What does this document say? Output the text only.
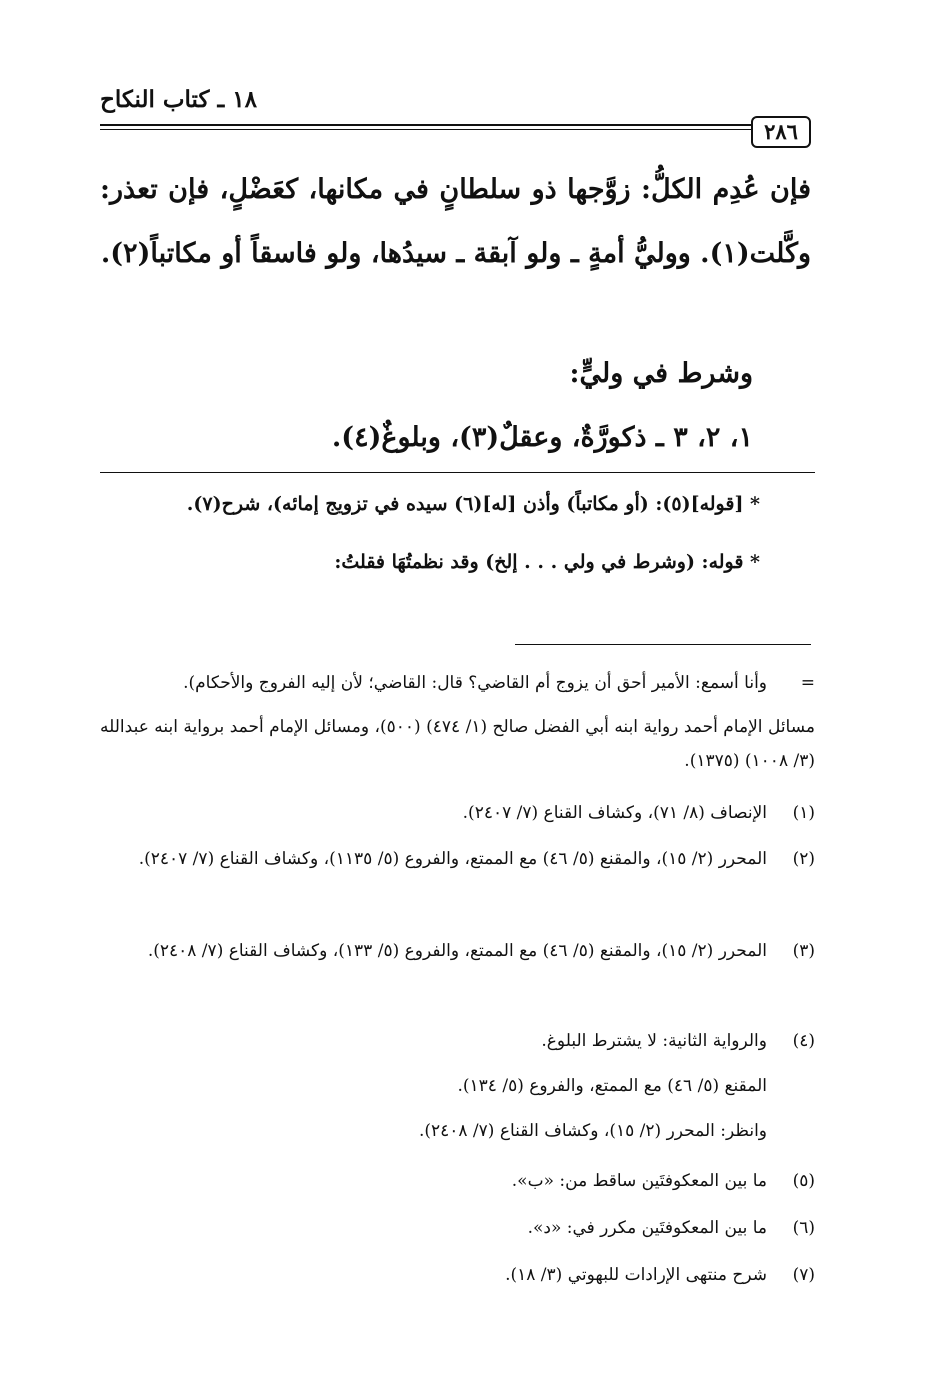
١٨ ـ كتاب النكاح
٢٨٦

فإن عُدِم الكلُّ: زوَّجها ذو سلطانٍ في مكانها، كعَضْلٍ، فإن تعذر: وكَّلت(١). ووليُّ أمةٍ ـ ولو آبقة ـ سيدُها، ولو فاسقاً أو مكاتباً(٢).

وشرط في وليٍّ:

١، ٢، ٣ ـ ذكورَّةٌ، وعقلٌ(٣)، وبلوغٌ(٤).

* [قوله](٥): (أو مكاتباً) وأذن [له](٦) سيده في تزويج إمائه)، شرح(٧).
* قوله: (وشرط في ولي . . . إلخ) وقد نظمتُهَا فقلتُ:
=
وأنا أسمع: الأمير أحق أن يزوج أم القاضي؟ قال: القاضي؛ لأن إليه الفروج والأحكام).
مسائل الإمام أحمد رواية ابنه أبي الفضل صالح (١/ ٤٧٤) (٥٠٠)، ومسائل الإمام أحمد برواية ابنه عبدالله (٣/ ١٠٠٨) (١٣٧٥).
(١)
الإنصاف (٨/ ٧١)، وكشاف القناع (٧/ ٢٤٠٧).
(٢)
المحرر (٢/ ١٥)، والمقنع (٥/ ٤٦) مع الممتع، والفروع (٥/ ١١٣٥)، وكشاف القناع (٧/ ٢٤٠٧).
(٣)
المحرر (٢/ ١٥)، والمقنع (٥/ ٤٦) مع الممتع، والفروع (٥/ ١٣٣)، وكشاف القناع (٧/ ٢٤٠٨).
(٤)
والرواية الثانية: لا يشترط البلوغ.
المقنع (٥/ ٤٦) مع الممتع، والفروع (٥/ ١٣٤).
وانظر: المحرر (٢/ ١٥)، وكشاف القناع (٧/ ٢٤٠٨).
(٥)
ما بين المعكوفتَين ساقط من: «ب».
(٦)
ما بين المعكوفتَين مكرر في: «د».
(٧)
شرح منتهى الإرادات للبهوتي (٣/ ١٨).
